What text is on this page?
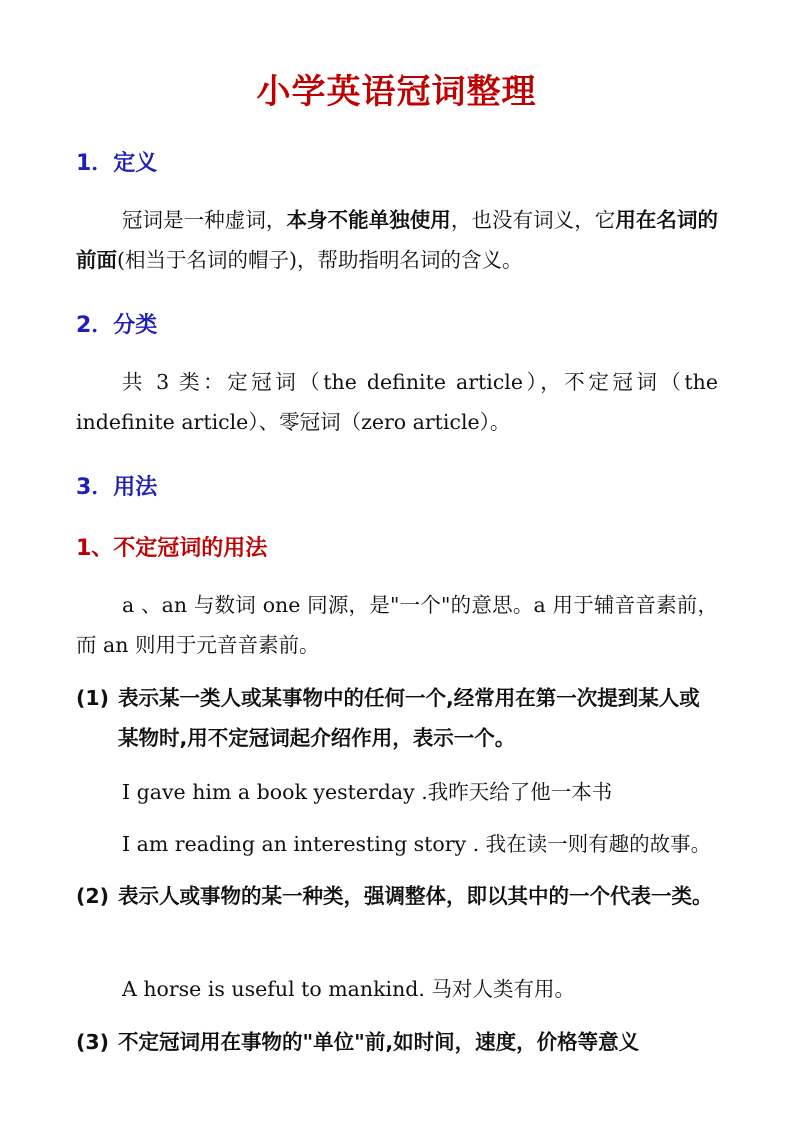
小学英语冠词整理
1．定义
冠词是一种虚词，本身不能单独使用，也没有词义，它用在名词的前面(相当于名词的帽子)，帮助指明名词的含义。
2．分类
共 3 类：定冠词（the definite article），不定冠词（the indefinite article）、零冠词（zero article）。
3．用法
1、不定冠词的用法
a 、an 与数词 one 同源，是"一个"的意思。a 用于辅音音素前，而 an 则用于元音音素前。
(1) 表示某一类人或某事物中的任何一个,经常用在第一次提到某人或某物时,用不定冠词起介绍作用，表示一个。
I gave him a book yesterday .我昨天给了他一本书
I am reading an interesting story . 我在读一则有趣的故事。
(2) 表示人或事物的某一种类，强调整体，即以其中的一个代表一类。
A horse is useful to mankind. 马对人类有用。
(3) 不定冠词用在事物的"单位"前,如时间，速度，价格等意义
